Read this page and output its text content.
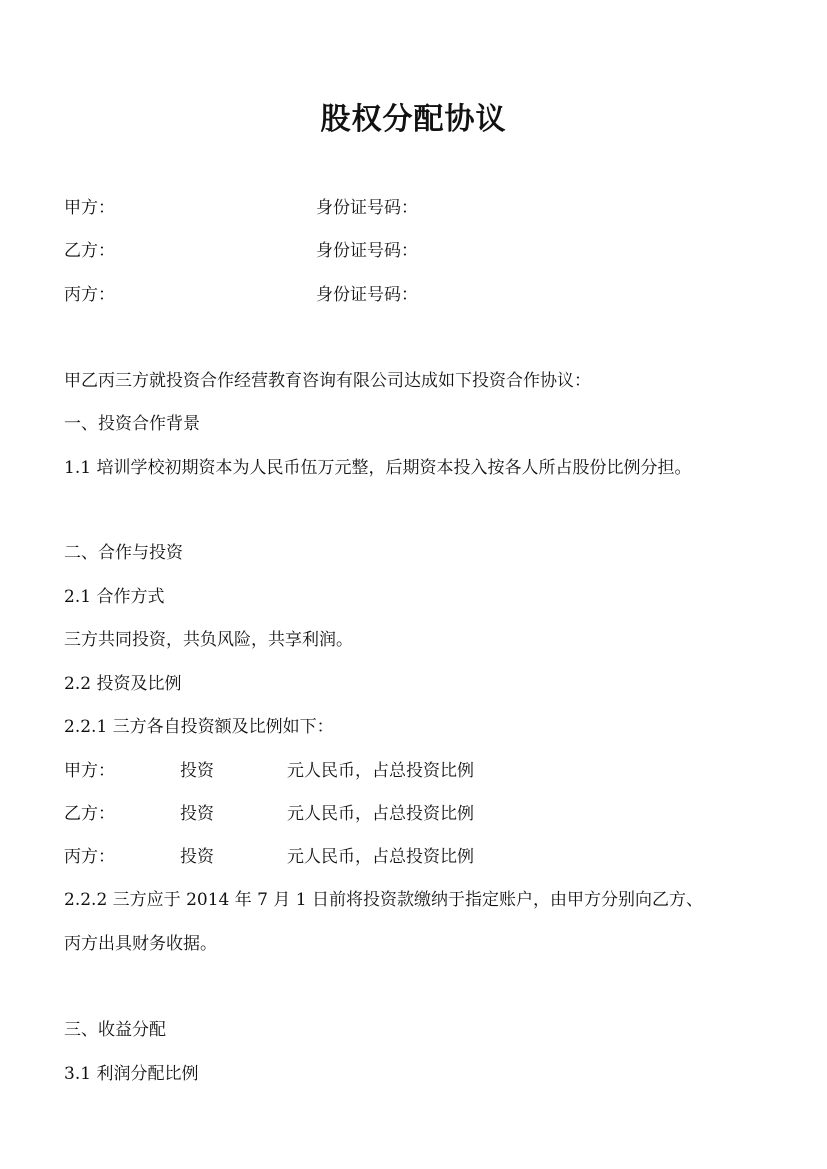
股权分配协议
甲方：	身份证号码：
乙方：	身份证号码：
丙方：	身份证号码：
甲乙丙三方就投资合作经营教育咨询有限公司达成如下投资合作协议：
一、投资合作背景
1.1 培训学校初期资本为人民币伍万元整，后期资本投入按各人所占股份比例分担。
二、合作与投资
2.1 合作方式
三方共同投资，共负风险，共享利润。
2.2 投资及比例
2.2.1 三方各自投资额及比例如下：
甲方：	投资	元人民币，占总投资比例
乙方：	投资	元人民币，占总投资比例
丙方：	投资	元人民币，占总投资比例
2.2.2 三方应于 2014 年 7 月 1 日前将投资款缴纳于指定账户，由甲方分别向乙方、
丙方出具财务收据。
三、收益分配
3.1 利润分配比例
